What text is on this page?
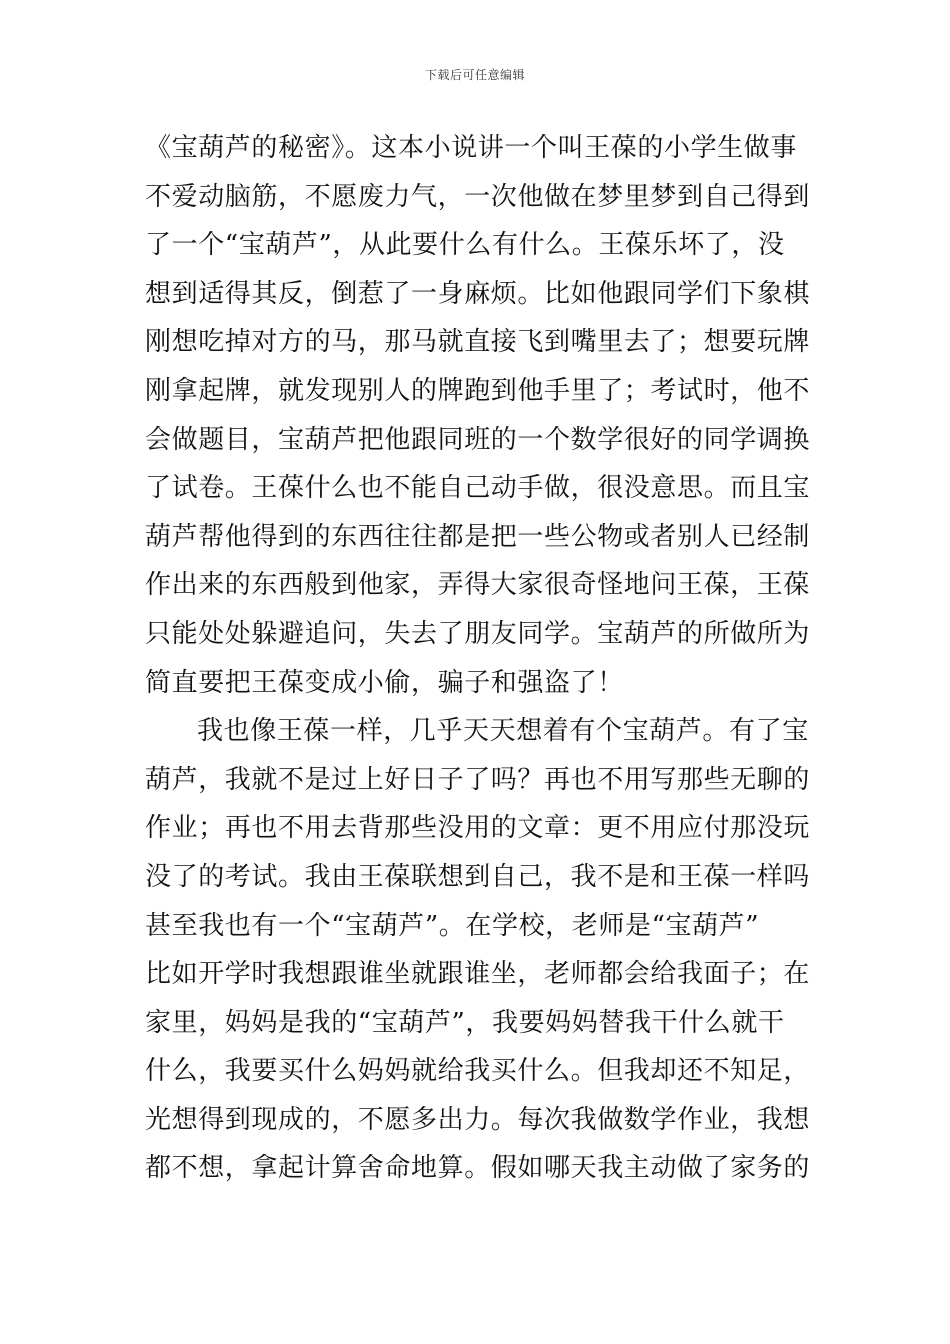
下载后可任意编辑
《宝葫芦的秘密》。这本小说讲一个叫王葆的小学生做事
不爱动脑筋，不愿废力气，一次他做在梦里梦到自己得到
了一个“宝葫芦”，从此要什么有什么。王葆乐坏了，没
想到适得其反，倒惹了一身麻烦。比如他跟同学们下象棋
刚想吃掉对方的马，那马就直接飞到嘴里去了；想要玩牌
刚拿起牌，就发现别人的牌跑到他手里了；考试时，他不
会做题目，宝葫芦把他跟同班的一个数学很好的同学调换
了试卷。王葆什么也不能自己动手做，很没意思。而且宝
葫芦帮他得到的东西往往都是把一些公物或者别人已经制
作出来的东西般到他家，弄得大家很奇怪地问王葆，王葆
只能处处躲避追问，失去了朋友同学。宝葫芦的所做所为
简直要把王葆变成小偷，骗子和强盗了！
我也像王葆一样，几乎天天想着有个宝葫芦。有了宝
葫芦，我就不是过上好日子了吗？再也不用写那些无聊的
作业；再也不用去背那些没用的文章：更不用应付那没玩
没了的考试。我由王葆联想到自己，我不是和王葆一样吗
甚至我也有一个“宝葫芦”。在学校，老师是“宝葫芦”
比如开学时我想跟谁坐就跟谁坐，老师都会给我面子；在
家里，妈妈是我的“宝葫芦”，我要妈妈替我干什么就干
什么，我要买什么妈妈就给我买什么。但我却还不知足，
光想得到现成的，不愿多出力。每次我做数学作业，我想
都不想，拿起计算舍命地算。假如哪天我主动做了家务的
